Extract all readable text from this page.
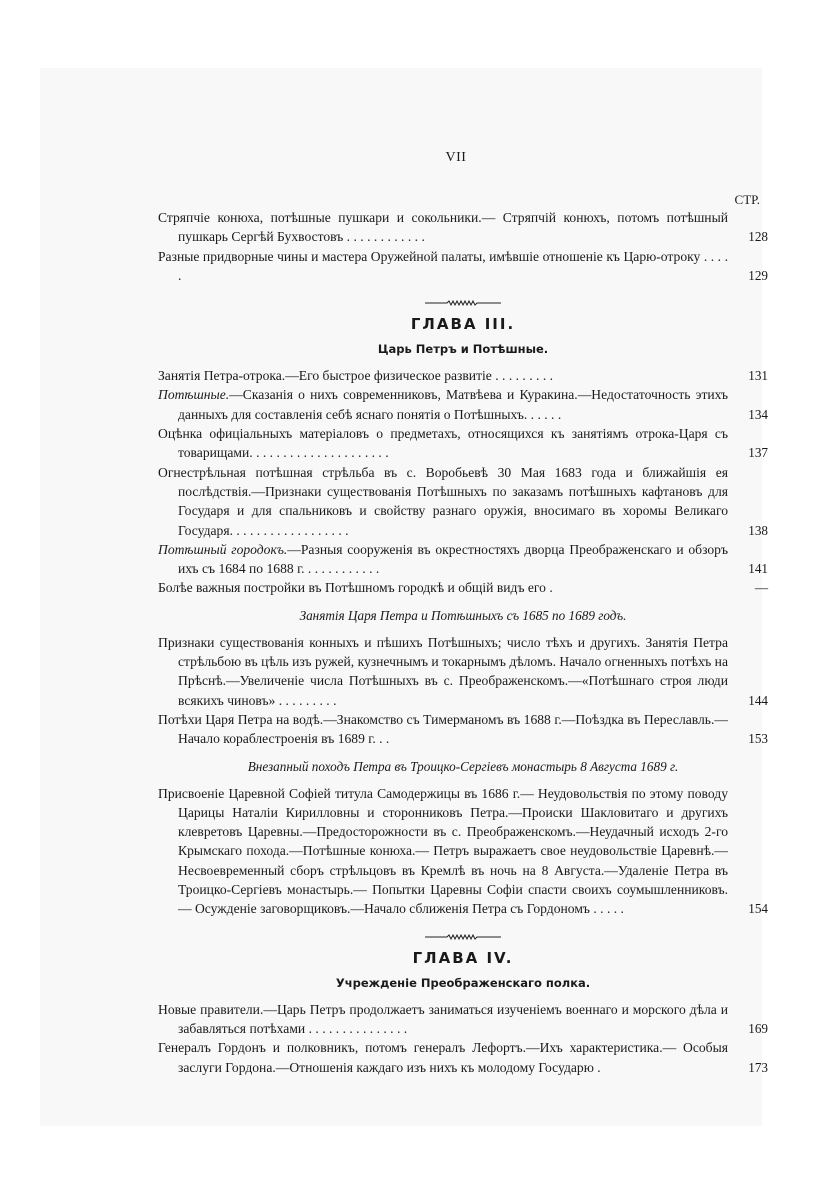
VII
СТР.
Стряпчіе конюха, потѣшные пушкари и сокольники.— Стряпчій конюхъ, потомъ потѣшный пушкарь Сергѣй Бухвостовъ . . . . . . . . . . . .	128
Разные придворные чины и мастера Оружейной палаты, имѣвшіе отношеніе къ Царю-отроку . . . . .	129
ГЛАВА III.
Царь Петръ и Потѣшные.
Занятія Петра-отрока.—Его быстрое физическое развитіе . . . . . . . . .	131
Потѣшные.—Сказанія о нихъ современниковъ, Матвѣева и Куракина.—Недостаточность этихъ данныхъ для составленія себѣ яснаго понятія о Потѣшныхъ. . . . . .	134
Оцѣнка офиціальныхъ матеріаловъ о предметахъ, относящихся къ занятіямъ отрока-Царя съ товарищами. . . . . . . . . . . . . . . . . . . . .	137
Огнестрѣльная потѣшная стрѣльба въ с. Воробьевѣ 30 Мая 1683 года и ближайшія ея послѣдствія.—Признаки существованія Потѣшныхъ по заказамъ потѣшныхъ кафтановъ для Государя и для спальниковъ и свойству разнаго оружія, вносимаго въ хоромы Великаго Государя. . . . . . . . . . . . . . . . . .	138
Потѣшный городокъ.—Разныя сооруженія въ окрестностяхъ дворца Преображенскаго и обзоръ ихъ съ 1684 по 1688 г. . . . . . . . . . . .	141
Болѣе важныя постройки въ Потѣшномъ городкѣ и общій видъ его .	—
Занятія Царя Петра и Потѣшныхъ съ 1685 по 1689 годъ.
Признаки существованія конныхъ и пѣшихъ Потѣшныхъ; число тѣхъ и другихъ. Занятія Петра стрѣльбою въ цѣль изъ ружей, кузнечнымъ и токарнымъ дѣломъ. Начало огненныхъ потѣхъ на Прѣснѣ.—Увеличеніе числа Потѣшныхъ въ с. Преображенскомъ.—«Потѣшнаго строя люди всякихъ чиновъ» . . . . . . . . .	144
Потѣхи Царя Петра на водѣ.—Знакомство съ Тимерманомъ въ 1688 г.—Поѣздка въ Переславль.—Начало кораблестроенія въ 1689 г. . .	153
Внезапный походъ Петра въ Троицко-Сергіевъ монастырь 8 Августа 1689 г.
Присвоеніе Царевной Софіей титула Самодержицы въ 1686 г.— Неудовольствія по этому поводу Царицы Наталіи Кирилловны и сторонниковъ Петра.—Происки Шакловитаго и другихъ клевретовъ Царевны.—Предосторожности въ с. Преображенскомъ.—Неудачный исходъ 2-го Крымскаго похода.—Потѣшные конюха.— Петръ выражаетъ свое неудовольствіе Царевнѣ.—Несвоевременный сборъ стрѣльцовъ въ Кремлѣ въ ночь на 8 Августа.—Удаленіе Петра въ Троицко-Сергіевъ монастырь.— Попытки Царевны Софіи спасти своихъ соумышленниковъ.— Осужденіе заговорщиковъ.—Начало сближенія Петра съ Гордономъ . . . . .	154
ГЛАВА IV.
Учрежденіе Преображенскаго полка.
Новые правители.—Царь Петръ продолжаетъ заниматься изученіемъ военнаго и морского дѣла и забавляться потѣхами . . . . . . . . . . . . . . .	169
Генералъ Гордонъ и полковникъ, потомъ генералъ Лефортъ.—Ихъ характеристика.— Особыя заслуги Гордона.—Отношенія каждаго изъ нихъ къ молодому Государю .	173
